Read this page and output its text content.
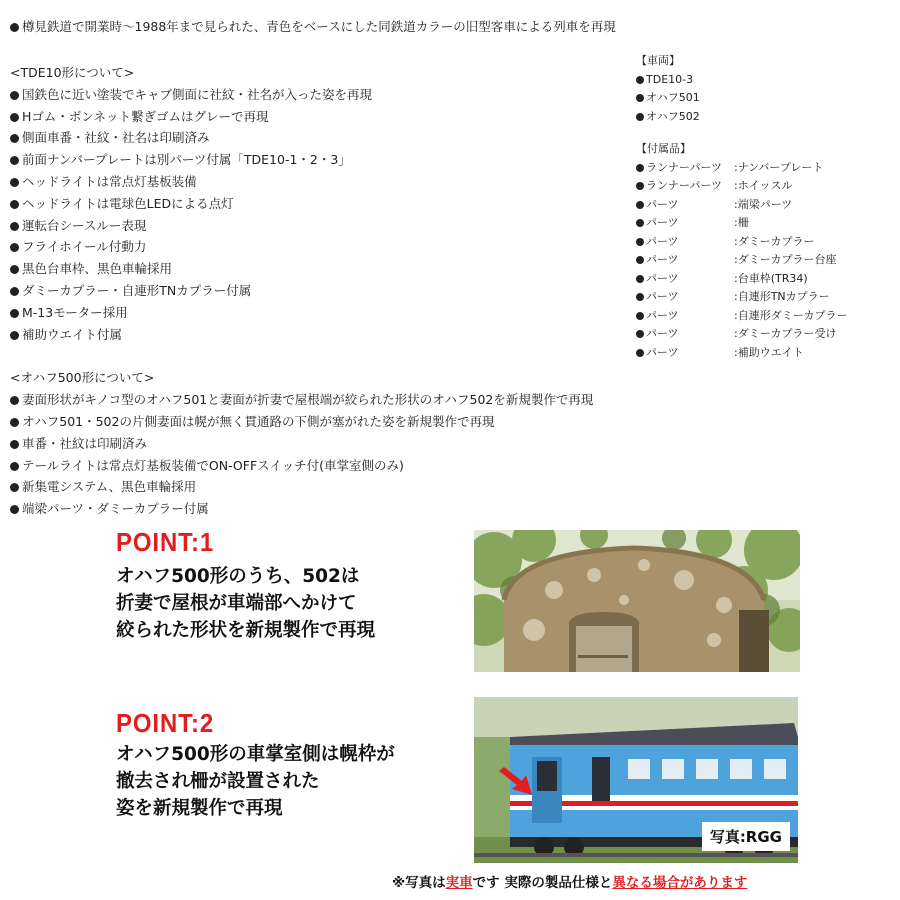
樽見鉄道で開業時〜1988年まで見られた、青色をベースにした同鉄道カラーの旧型客車による列車を再現
<TDE10形について>
国鉄色に近い塗装でキャブ側面に社紋・社名が入った姿を再現
Hゴム・ボンネット繋ぎゴムはグレーで再現
側面車番・社紋・社名は印刷済み
前面ナンバープレートは別パーツ付属「TDE10-1・2・3」
ヘッドライトは常点灯基板装備
ヘッドライトは電球色LEDによる点灯
運転台シースルー表現
フライホイール付動力
黒色台車枠、黒色車輪採用
ダミーカプラー・自連形TNカプラー付属
M-13モーター採用
補助ウエイト付属
<オハフ500形について>
妻面形状がキノコ型のオハフ501と妻面が折妻で屋根端が絞られた形状のオハフ502を新規製作で再現
オハフ501・502の片側妻面は幌が無く貫通路の下側が塞がれた姿を新規製作で再現
車番・社紋は印刷済み
テールライトは常点灯基板装備でON-OFFスイッチ付(車掌室側のみ)
新集電システム、黒色車輪採用
端梁パーツ・ダミーカプラー付属
【車両】
TDE10-3
オハフ501
オハフ502
【付属品】
ランナーパーツ :ナンバープレート
ランナーパーツ :ホイッスル
パーツ	:端梁パーツ
パーツ	:柵
パーツ	:ダミーカプラー
パーツ	:ダミーカプラー台座
パーツ	:台車枠(TR34)
パーツ	:自連形TNカプラー
パーツ	:自連形ダミーカプラー
パーツ	:ダミーカプラー受け
パーツ	:補助ウエイト
POINT:1
オハフ500形のうち、502は
折妻で屋根が車端部へかけて
絞られた形状を新規製作で再現
POINT:2
オハフ500形の車掌室側は幌枠が
撤去され柵が設置された
姿を新規製作で再現
写真:RGG
※写真は実車です 実際の製品仕様と異なる場合があります
